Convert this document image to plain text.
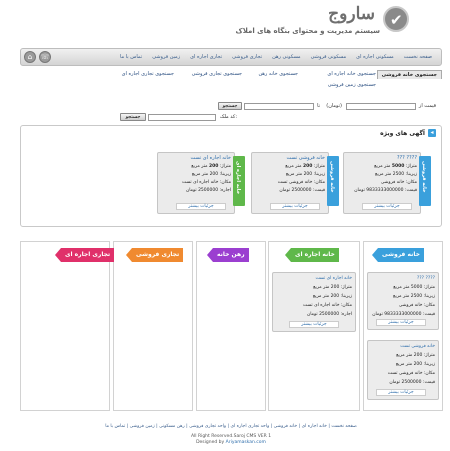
✔
ساروج
سیستم مدیریت و محتوای بنگاه های املاک
⌂	☏	صفحه نخست
مسکونی اجاره ای
مسکونی فروشی
مسکونی رهن
تجاری فروشی
تجاری اجاره ای
زمین فروشی
تماس با ما
جستجوی خانه فروشی
جستجوی خانه اجاره ای
جستجوی خانه رهن
جستجوی تجاری فروشی
جستجوی تجاری اجاره ای
جستجوی زمین فروشی
قیمت از
(تومان)
تا
جستجو
کد ملک:
جستجو
◂
آگهی های ویژه
??? ????
متراژ: 5000 متر مربع
زیربنا: 2500 متر مربع
مکان: خانه فروشی
قیمت: 9833333000000 تومان
جزئیات بیشتر
خانه فروشی
خانه فروشی تست
متراژ: 200 متر مربع
زیربنا: 200 متر مربع
مکان: خانه فروشی تست
قیمت: 2500000 تومان
جزئیات بیشتر
خانه فروشی
خانه اجاره ای تست
متراژ: 200 متر مربع
زیربنا: 200 متر مربع
مکان: خانه اجاره ای تست
اجاره: 2500000 تومان
جزئیات بیشتر
خانه اجاره ای
خانه فروشی
خانه اجاره ای
رهن خانه
تجاری فروشی
تجاری اجاره ای
??? ????
متراژ: 5000 متر مربع
زیربنا: 2500 متر مربع
مکان: خانه فروشی
قیمت: 9833333000000 تومان
جزئیات بیشتر
خانه فروشی تست
متراژ: 200 متر مربع
زیربنا: 200 متر مربع
مکان: خانه فروشی تست
قیمت: 2500000 تومان
جزئیات بیشتر
خانه اجاره ای تست
متراژ: 200 متر مربع
زیربنا: 200 متر مربع
مکان: خانه اجاره ای تست
اجاره: 2500000 تومان
جزئیات بیشتر
صفحه نخست | خانه اجاره ای | خانه فروشی | واحد تجاری اجاره ای | واحد تجاری فروشی | رهن مسکونی | زمین فروشی | تماس با ما
All Right Reserved.Saroj CMS VER 1
Designed by Ariyamaskan.com
